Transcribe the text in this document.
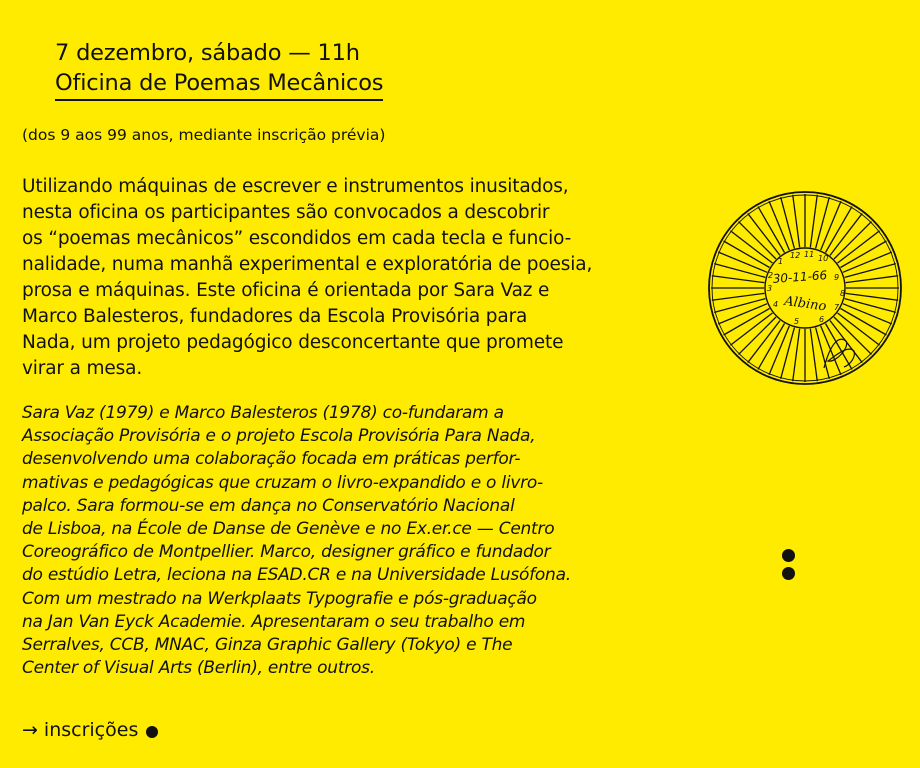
7 dezembro, sábado — 11h
Oficina de Poemas Mecânicos
(dos 9 aos 99 anos, mediante inscrição prévia)
Utilizando máquinas de escrever e instrumentos inusitados,
nesta oficina os participantes são convocados a descobrir
os “poemas mecânicos” escondidos em cada tecla e funcio-
nalidade, numa manhã experimental e exploratória de poesia,
prosa e máquinas. Este oficina é orientada por Sara Vaz e
Marco Balesteros, fundadores da Escola Provisória para
Nada, um projeto pedagógico desconcertante que promete
virar a mesa.
Sara Vaz (1979) e Marco Balesteros (1978) co-fundaram a
Associação Provisória e o projeto Escola Provisória Para Nada,
desenvolvendo uma colaboração focada em práticas perfor-
mativas e pedagógicas que cruzam o livro-expandido e o livro-
palco. Sara formou-se em dança no Conservatório Nacional
de Lisboa, na École de Danse de Genève e no Ex.er.ce — Centro
Coreográfico de Montpellier. Marco, designer gráfico e fundador
do estúdio Letra, leciona na ESAD.CR e na Universidade Lusófona.
Com um mestrado na Werkplaats Typografie e pós-graduação
na Jan Van Eyck Academie. Apresentaram o seu trabalho em
Serralves, CCB, MNAC, Ginza Graphic Gallery (Tokyo) e The
Center of Visual Arts (Berlin), entre outros.
→ inscrições
1
12 11 10
9
8
7
6
5
4
3
2 30-11-66
Albino
